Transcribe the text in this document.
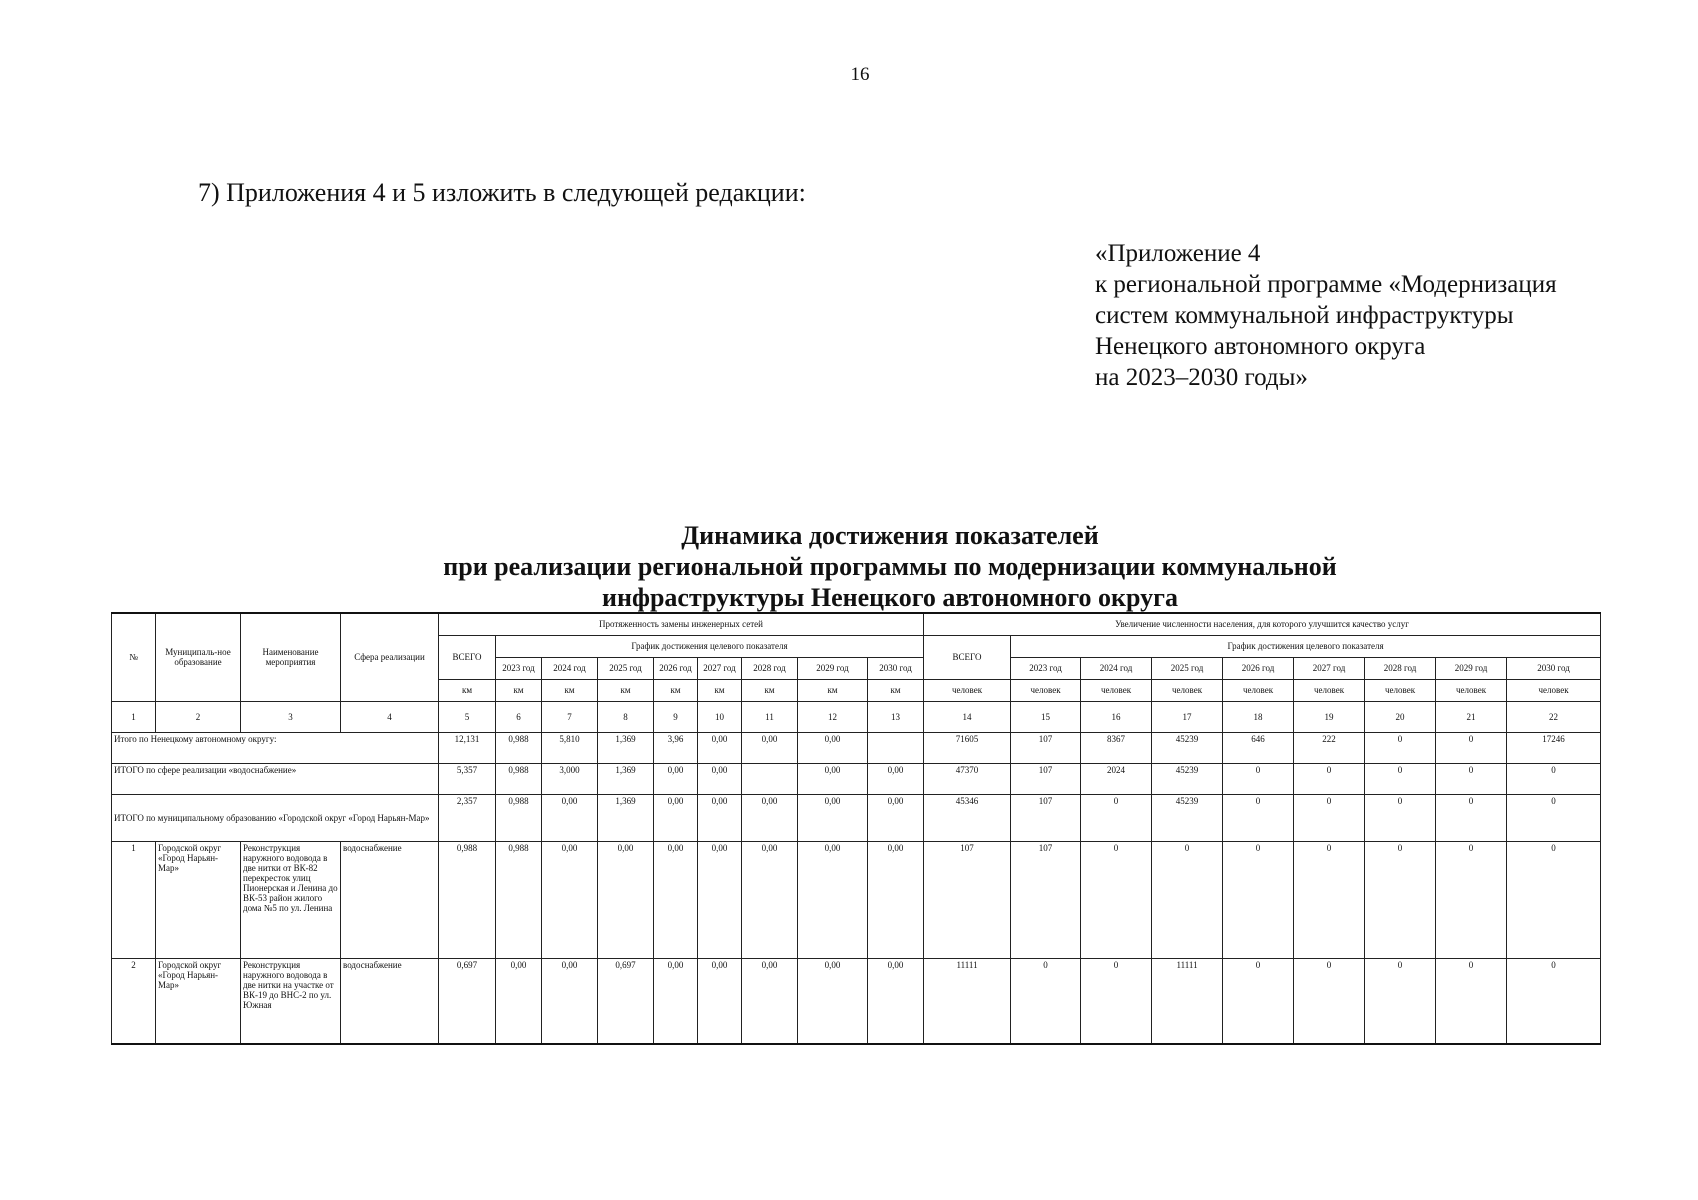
16
7) Приложения 4 и 5 изложить в следующей редакции:
«Приложение 4
к региональной программе «Модернизация
систем коммунальной инфраструктуры
Ненецкого автономного округа
на 2023–2030 годы»
Динамика достижения показателей
при реализации региональной программы по модернизации коммунальной
инфраструктуры Ненецкого автономного округа
№	Муниципаль-ное образование	Наименование мероприятия	Сфера реализации	Протяженность замены инженерных сетей									Увеличение численности населения, для которого улучшится качество услуг								
				ВСЕГО	График достижения целевого показателя								ВСЕГО	График достижения целевого показателя							
					2023 год	2024 год	2025 год	2026 год	2027 год	2028 год	2029 год	2030 год		2023 год	2024 год	2025 год	2026 год	2027 год	2028 год	2029 год	2030 год
				км	км	км	км	км	км	км	км	км	человек	человек	человек	человек	человек	человек	человек	человек	человек
1	2	3	4	5	6	7	8	9	10	11	12	13	14	15	16	17	18	19	20	21	22
Итого по Ненецкому автономному округу:				12,131	0,988	5,810	1,369	3,96	0,00	0,00	0,00		71605	107	8367	45239	646	222	0	0	17246
ИТОГО по сфере реализации «водоснабжение»				5,357	0,988	3,000	1,369	0,00	0,00		0,00	0,00	47370	107	2024	45239	0	0	0	0	0
ИТОГО по муниципальному образованию «Городской округ «Город Нарьян-Мар»				2,357	0,988	0,00	1,369	0,00	0,00	0,00	0,00	0,00	45346	107	0	45239	0	0	0	0	0
1	Городской округ «Город Нарьян-Мар»	Реконструкция наружного водовода в две нитки от ВК-82 перекресток улиц Пионерская и Ленина до ВК-53 район жилого дома №5 по ул. Ленина	водоснабжение	0,988	0,988	0,00	0,00	0,00	0,00	0,00	0,00	0,00	107	107	0	0	0	0	0	0	0
2	Городской округ «Город Нарьян-Мар»	Реконструкция наружного водовода в две нитки на участке от ВК-19 до ВНС-2 по ул. Южная	водоснабжение	0,697	0,00	0,00	0,697	0,00	0,00	0,00	0,00	0,00	11111	0	0	11111	0	0	0	0	0
